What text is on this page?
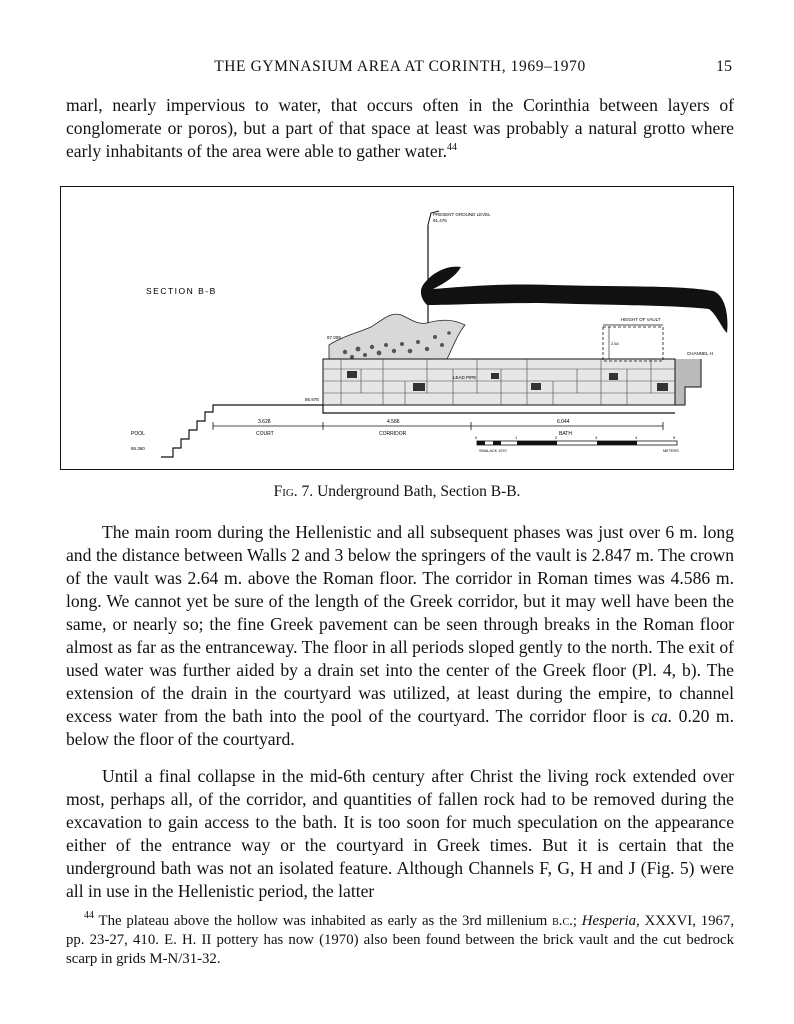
THE GYMNASIUM AREA AT CORINTH, 1969–1970	15

marl, nearly impervious to water, that occurs often in the Corinthia between layers of conglomerate or poros), but a part of that space at least was probably a natural grotto where early inhabitants of the area were able to gather water.$^{44}$

SECTION B-B
PRESENT GROUND LEVEL
91.476
HEIGHT OF VAULT
2.64
CHANNEL H
87.009
86.978
LEAD PIPE
POOL
86.360
3.628
COURT
4.586
CORRIDOR
6.044
BATH
0	1	2	3	4	5
SMALACK 1970	METERS
Fig. 7. Underground Bath, Section B-B.

The main room during the Hellenistic and all subsequent phases was just over 6 m. long and the distance between Walls 2 and 3 below the springers of the vault is 2.847 m. The crown of the vault was 2.64 m. above the Roman floor. The corridor in Roman times was 4.586 m. long. We cannot yet be sure of the length of the Greek corridor, but it may well have been the same, or nearly so; the fine Greek pavement can be seen through breaks in the Roman floor almost as far as the entranceway. The floor in all periods sloped gently to the north. The exit of used water was further aided by a drain set into the center of the Greek floor (Pl. 4, b). The extension of the drain in the courtyard was utilized, at least during the empire, to channel excess water from the bath into the pool of the courtyard. The corridor floor is ca. 0.20 m. below the floor of the courtyard.

Until a final collapse in the mid-6th century after Christ the living rock extended over most, perhaps all, of the corridor, and quantities of fallen rock had to be removed during the excavation to gain access to the bath. It is too soon for much speculation on the appearance either of the entrance way or the courtyard in Greek times. But it is certain that the underground bath was not an isolated feature. Although Channels F, G, H and J (Fig. 5) were all in use in the Hellenistic period, the latter

$^{44}$ The plateau above the hollow was inhabited as early as the 3rd millenium b.c.; Hesperia, XXXVI, 1967, pp. 23-27, 410. E. H. II pottery has now (1970) also been found between the brick vault and the cut bedrock scarp in grids M-N/31-32.
